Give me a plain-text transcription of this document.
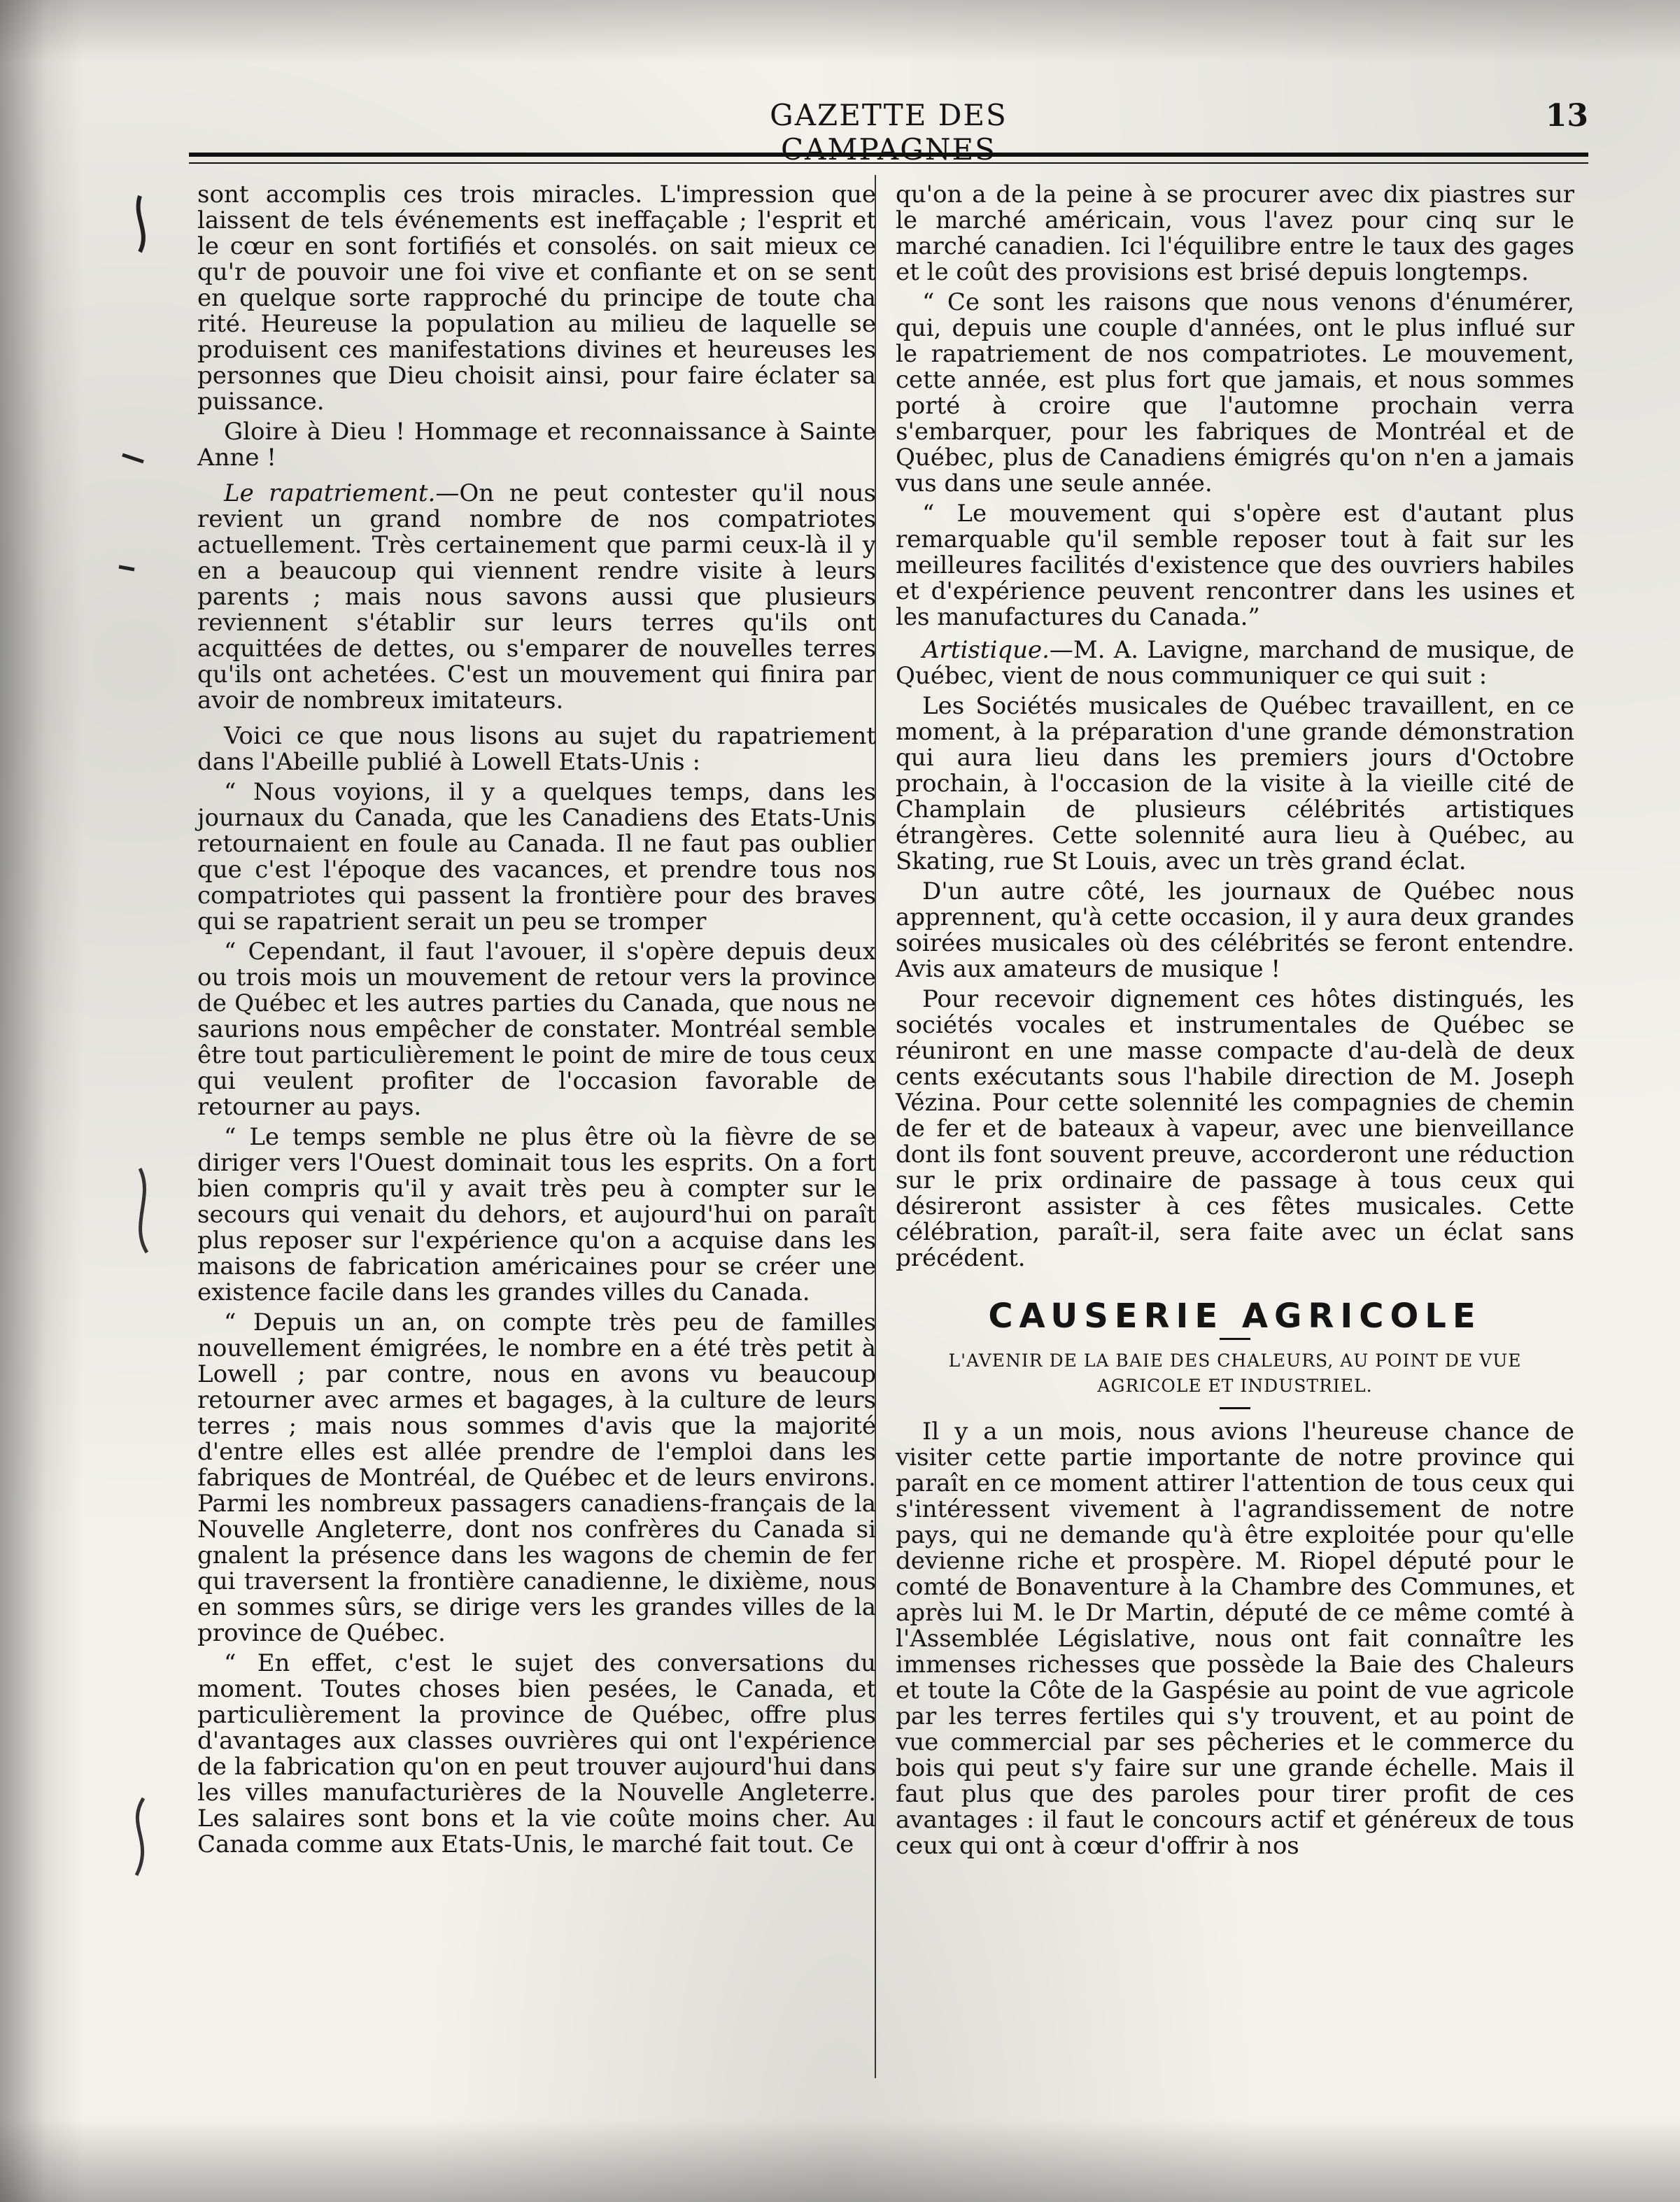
GAZETTE DES CAMPAGNES
13

sont accomplis ces trois miracles. L'impression que laissent de tels événements est ineffaçable ; l'esprit et le cœur en sont fortifiés et consolés. on sait mieux ce qu'r de pouvoir une foi vive et confiante et on se sent en quelque sorte rapproché du principe de toute cha rité. Heureuse la population au milieu de laquelle se produisent ces manifestations divines et heureuses les personnes que Dieu choisit ainsi, pour faire éclater sa puissance.

Gloire à Dieu ! Hommage et reconnaissance à Sainte Anne !

Le rapatriement.—On ne peut contester qu'il nous revient un grand nombre de nos compatriotes actuellement. Très certainement que parmi ceux-là il y en a beaucoup qui viennent rendre visite à leurs parents ; mais nous savons aussi que plusieurs reviennent s'établir sur leurs terres qu'ils ont acquittées de dettes, ou s'emparer de nouvelles terres qu'ils ont achetées. C'est un mouvement qui finira par avoir de nombreux imitateurs.

Voici ce que nous lisons au sujet du rapatriement dans l'Abeille publié à Lowell Etats-Unis :

“ Nous voyions, il y a quelques temps, dans les journaux du Canada, que les Canadiens des Etats-Unis retournaient en foule au Canada. Il ne faut pas oublier que c'est l'époque des vacances, et prendre tous nos compatriotes qui passent la frontière pour des braves qui se rapatrient serait un peu se tromper

“ Cependant, il faut l'avouer, il s'opère depuis deux ou trois mois un mouvement de retour vers la province de Québec et les autres parties du Canada, que nous ne saurions nous empêcher de constater. Montréal semble être tout particulièrement le point de mire de tous ceux qui veulent profiter de l'occasion favorable de retourner au pays.

“ Le temps semble ne plus être où la fièvre de se diriger vers l'Ouest dominait tous les esprits. On a fort bien compris qu'il y avait très peu à compter sur le secours qui venait du dehors, et aujourd'hui on paraît plus reposer sur l'expérience qu'on a acquise dans les maisons de fabrication américaines pour se créer une existence facile dans les grandes villes du Canada.

“ Depuis un an, on compte très peu de familles nouvellement émigrées, le nombre en a été très petit à Lowell ; par contre, nous en avons vu beaucoup retourner avec armes et bagages, à la culture de leurs terres ; mais nous sommes d'avis que la majorité d'entre elles est allée prendre de l'emploi dans les fabriques de Montréal, de Québec et de leurs environs. Parmi les nombreux passagers canadiens-français de la Nouvelle Angleterre, dont nos confrères du Canada si gnalent la présence dans les wagons de chemin de fer qui traversent la frontière canadienne, le dixième, nous en sommes sûrs, se dirige vers les grandes villes de la province de Québec.

“ En effet, c'est le sujet des conversations du moment. Toutes choses bien pesées, le Canada, et particulièrement la province de Québec, offre plus d'avantages aux classes ouvrières qui ont l'expérience de la fabrication qu'on en peut trouver aujourd'hui dans les villes manufacturières de la Nouvelle Angleterre. Les salaires sont bons et la vie coûte moins cher. Au Canada comme aux Etats-Unis, le marché fait tout. Ce

qu'on a de la peine à se procurer avec dix piastres sur le marché américain, vous l'avez pour cinq sur le marché canadien. Ici l'équilibre entre le taux des gages et le coût des provisions est brisé depuis longtemps.

“ Ce sont les raisons que nous venons d'énumérer, qui, depuis une couple d'années, ont le plus influé sur le rapatriement de nos compatriotes. Le mouvement, cette année, est plus fort que jamais, et nous sommes porté à croire que l'automne prochain verra s'embarquer, pour les fabriques de Montréal et de Québec, plus de Canadiens émigrés qu'on n'en a jamais vus dans une seule année.

“ Le mouvement qui s'opère est d'autant plus remarquable qu'il semble reposer tout à fait sur les meilleures facilités d'existence que des ouvriers habiles et d'expérience peuvent rencontrer dans les usines et les manufactures du Canada.”

Artistique.—M. A. Lavigne, marchand de musique, de Québec, vient de nous communiquer ce qui suit :

Les Sociétés musicales de Québec travaillent, en ce moment, à la préparation d'une grande démonstration qui aura lieu dans les premiers jours d'Octobre prochain, à l'occasion de la visite à la vieille cité de Champlain de plusieurs célébrités artistiques étrangères. Cette solennité aura lieu à Québec, au Skating, rue St Louis, avec un très grand éclat.

D'un autre côté, les journaux de Québec nous apprennent, qu'à cette occasion, il y aura deux grandes soirées musicales où des célébrités se feront entendre. Avis aux amateurs de musique !

Pour recevoir dignement ces hôtes distingués, les sociétés vocales et instrumentales de Québec se réuniront en une masse compacte d'au-delà de deux cents exécutants sous l'habile direction de M. Joseph Vézina. Pour cette solennité les compagnies de chemin de fer et de bateaux à vapeur, avec une bienveillance dont ils font souvent preuve, accorderont une réduction sur le prix ordinaire de passage à tous ceux qui désireront assister à ces fêtes musicales. Cette célébration, paraît-il, sera faite avec un éclat sans précédent.

CAUSERIE AGRICOLE
L'AVENIR DE LA BAIE DES CHALEURS, AU POINT DE VUE
AGRICOLE ET INDUSTRIEL.

Il y a un mois, nous avions l'heureuse chance de visiter cette partie importante de notre province qui paraît en ce moment attirer l'attention de tous ceux qui s'intéressent vivement à l'agrandissement de notre pays, qui ne demande qu'à être exploitée pour qu'elle devienne riche et prospère. M. Riopel député pour le comté de Bonaventure à la Chambre des Communes, et après lui M. le Dr Martin, député de ce même comté à l'Assemblée Législative, nous ont fait connaître les immenses richesses que possède la Baie des Chaleurs et toute la Côte de la Gaspésie au point de vue agricole par les terres fertiles qui s'y trouvent, et au point de vue commercial par ses pêcheries et le commerce du bois qui peut s'y faire sur une grande échelle. Mais il faut plus que des paroles pour tirer profit de ces avantages : il faut le concours actif et généreux de tous ceux qui ont à cœur d'offrir à nos
